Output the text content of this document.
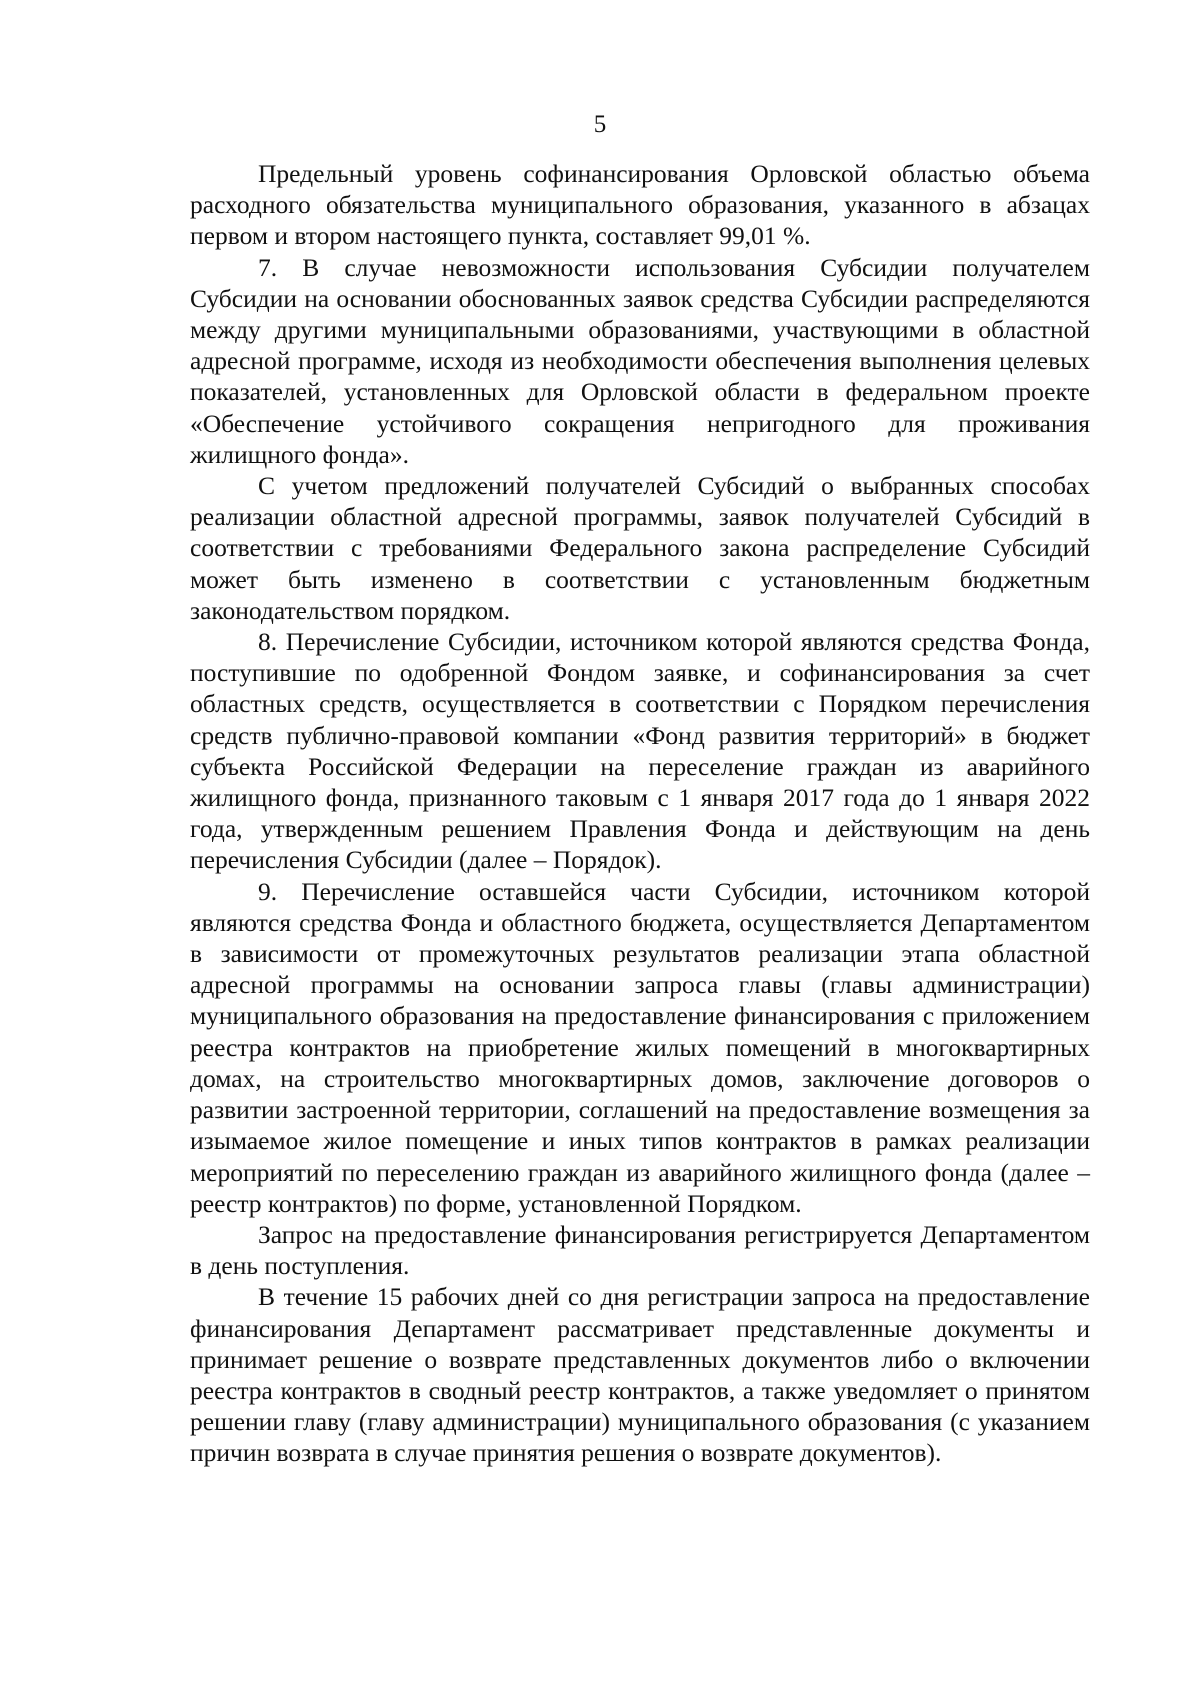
5

Предельный уровень софинансирования Орловской областью объема расходного обязательства муниципального образования, указанного в абзацах первом и втором настоящего пункта, составляет 99,01 %.

7. В случае невозможности использования Субсидии получателем Субсидии на основании обоснованных заявок средства Субсидии распределяются между другими муниципальными образованиями, участвующими в областной адресной программе, исходя из необходимости обеспечения выполнения целевых показателей, установленных для Орловской области в федеральном проекте «Обеспечение устойчивого сокращения непригодного для проживания жилищного фонда».

С учетом предложений получателей Субсидий о выбранных способах реализации областной адресной программы, заявок получателей Субсидий в соответствии с требованиями Федерального закона распределение Субсидий может быть изменено в соответствии с установленным бюджетным законодательством порядком.

8. Перечисление Субсидии, источником которой являются средства Фонда, поступившие по одобренной Фондом заявке, и софинансирования за счет областных средств, осуществляется в соответствии с Порядком перечисления средств публично-правовой компании «Фонд развития территорий» в бюджет субъекта Российской Федерации на переселение граждан из аварийного жилищного фонда, признанного таковым с 1 января 2017 года до 1 января 2022 года, утвержденным решением Правления Фонда и действующим на день перечисления Субсидии (далее – Порядок).

9. Перечисление оставшейся части Субсидии, источником которой являются средства Фонда и областного бюджета, осуществляется Департаментом в зависимости от промежуточных результатов реализации этапа областной адресной программы на основании запроса главы (главы администрации) муниципального образования на предоставление финансирования с приложением реестра контрактов на приобретение жилых помещений в многоквартирных домах, на строительство многоквартирных домов, заключение договоров о развитии застроенной территории, соглашений на предоставление возмещения за изымаемое жилое помещение и иных типов контрактов в рамках реализации мероприятий по переселению граждан из аварийного жилищного фонда (далее – реестр контрактов) по форме, установленной Порядком.

Запрос на предоставление финансирования регистрируется Департаментом в день поступления.

В течение 15 рабочих дней со дня регистрации запроса на предоставление финансирования Департамент рассматривает представленные документы и принимает решение о возврате представленных документов либо о включении реестра контрактов в сводный реестр контрактов, а также уведомляет о принятом решении главу (главу администрации) муниципального образования (с указанием причин возврата в случае принятия решения о возврате документов).
